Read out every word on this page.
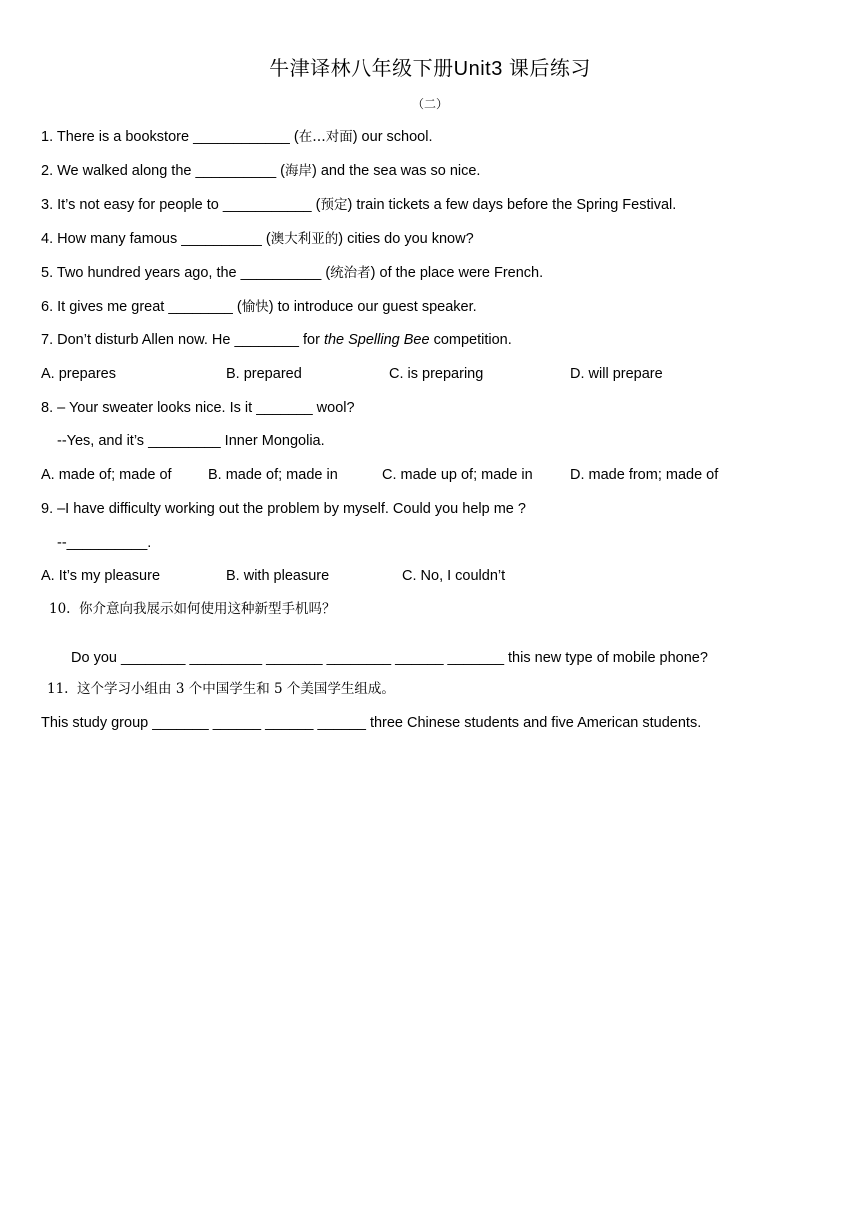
牛津译林八年级下册Unit3 课后练习
（二）
1. There is a bookstore ____________ (在…对面) our school.
2. We walked along the __________ (海岸) and the sea was so nice.
3. It’s not easy for people to ___________ (预定) train tickets a few days before the Spring Festival.
4. How many famous __________ (澳大利亚的) cities do you know?
5. Two hundred years ago, the __________ (统治者) of the place were French.
6. It gives me great ________ (愉快) to introduce our guest speaker.
7. Don’t disturb Allen now. He ________ for the Spelling Bee competition.
A. prepares	B. prepared	C. is preparing	D. will prepare
8. – Your sweater looks nice. Is it _______ wool?
--Yes, and it’s _________ Inner Mongolia.
A. made of; made of	B. made of; made in	C. made up of; made in	D. made from; made of
9. –I have difficulty working out the problem by myself. Could you help me ?
--__________.
A. It’s my pleasure	B. with pleasure	C. No, I couldn’t
10.  你介意向我展示如何使用这种新型手机吗？
Do you ________ _________ _______ ________ ______ _______ this new type of mobile phone?
11.  这个学习小组由 3 个中国学生和 5 个美国学生组成。
This study group _______ ______ ______ ______ three Chinese students and five American students.
